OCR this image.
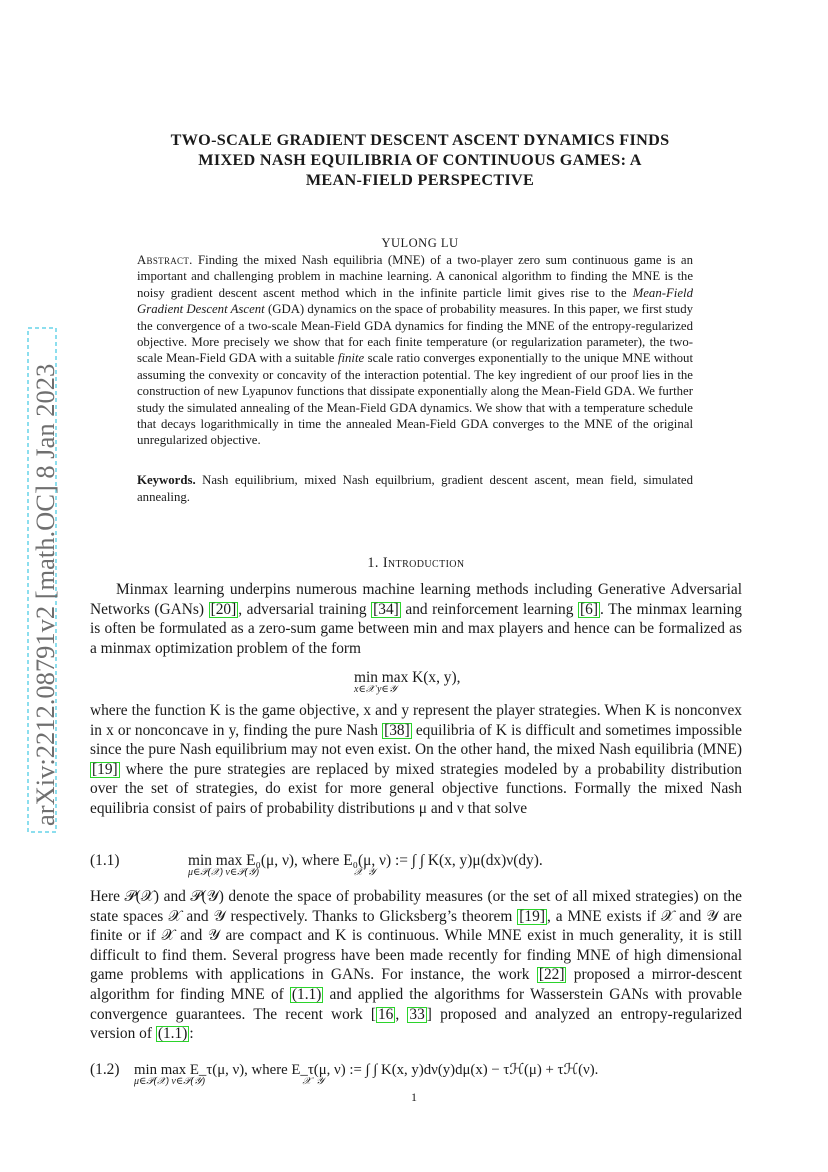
arXiv:2212.08791v2 [math.OC] 8 Jan 2023
TWO-SCALE GRADIENT DESCENT ASCENT DYNAMICS FINDS
MIXED NASH EQUILIBRIA OF CONTINUOUS GAMES: A
MEAN-FIELD PERSPECTIVE
YULONG LU
Abstract. Finding the mixed Nash equilibria (MNE) of a two-player zero sum continuous game is an important and challenging problem in machine learning. A canonical algorithm to finding the MNE is the noisy gradient descent ascent method which in the infinite particle limit gives rise to the Mean-Field Gradient Descent Ascent (GDA) dynamics on the space of probability measures. In this paper, we first study the convergence of a two-scale Mean-Field GDA dynamics for finding the MNE of the entropy-regularized objective. More precisely we show that for each finite temperature (or regularization parameter), the two-scale Mean-Field GDA with a suitable finite scale ratio converges exponentially to the unique MNE without assuming the convexity or concavity of the interaction potential. The key ingredient of our proof lies in the construction of new Lyapunov functions that dissipate exponentially along the Mean-Field GDA. We further study the simulated annealing of the Mean-Field GDA dynamics. We show that with a temperature schedule that decays logarithmically in time the annealed Mean-Field GDA converges to the MNE of the original unregularized objective.
Keywords. Nash equilibrium, mixed Nash equilbrium, gradient descent ascent, mean field, simulated annealing.
1. Introduction
Minmax learning underpins numerous machine learning methods including Generative Adversarial Networks (GANs) [20] , adversarial training [34] and reinforcement learning [6] . The minmax learning is often be formulated as a zero-sum game between min and max players and hence can be formalized as a minmax optimization problem of the form
min max K(x, y),
x∈𝒳 y∈𝒴
where the function K is the game objective, x and y represent the player strategies. When K is nonconvex in x or nonconcave in y, finding the pure Nash [38] equilibria of K is difficult and sometimes impossible since the pure Nash equilibrium may not even exist. On the other hand, the mixed Nash equilibria (MNE) [19] where the pure strategies are replaced by mixed strategies modeled by a probability distribution over the set of strategies, do exist for more general objective functions. Formally the mixed Nash equilibria consist of pairs of probability distributions μ and ν that solve
(1.1)	min max E₀(μ, ν), where E₀(μ, ν) := ∫ ∫ K(x, y)μ(dx)ν(dy).
μ∈𝒫(𝒳) ν∈𝒫(𝒴)                                      𝒳  𝒴
Here 𝒫(𝒳) and 𝒫(𝒴) denote the space of probability measures (or the set of all mixed strategies) on the state spaces 𝒳 and 𝒴 respectively. Thanks to Glicksberg’s theorem [19] , a MNE exists if 𝒳 and 𝒴 are finite or if 𝒳 and 𝒴 are compact and K is continuous. While MNE exist in much generality, it is still difficult to find them. Several progress have been made recently for finding MNE of high dimensional game problems with applications in GANs. For instance, the work [22] proposed a mirror-descent algorithm for finding MNE of (1.1) and applied the algorithms for Wasserstein GANs with provable convergence guarantees. The recent work [ 16 , 33 ] proposed and analyzed an entropy-regularized version of (1.1) :
(1.2) min max E_τ(μ, ν), where E_τ(μ, ν) := ∫ ∫ K(x, y)dν(y)dμ(x) − τℋ(μ) + τℋ(ν).
μ∈𝒫(𝒳) ν∈𝒫(𝒴)                                       𝒳  𝒴
1
